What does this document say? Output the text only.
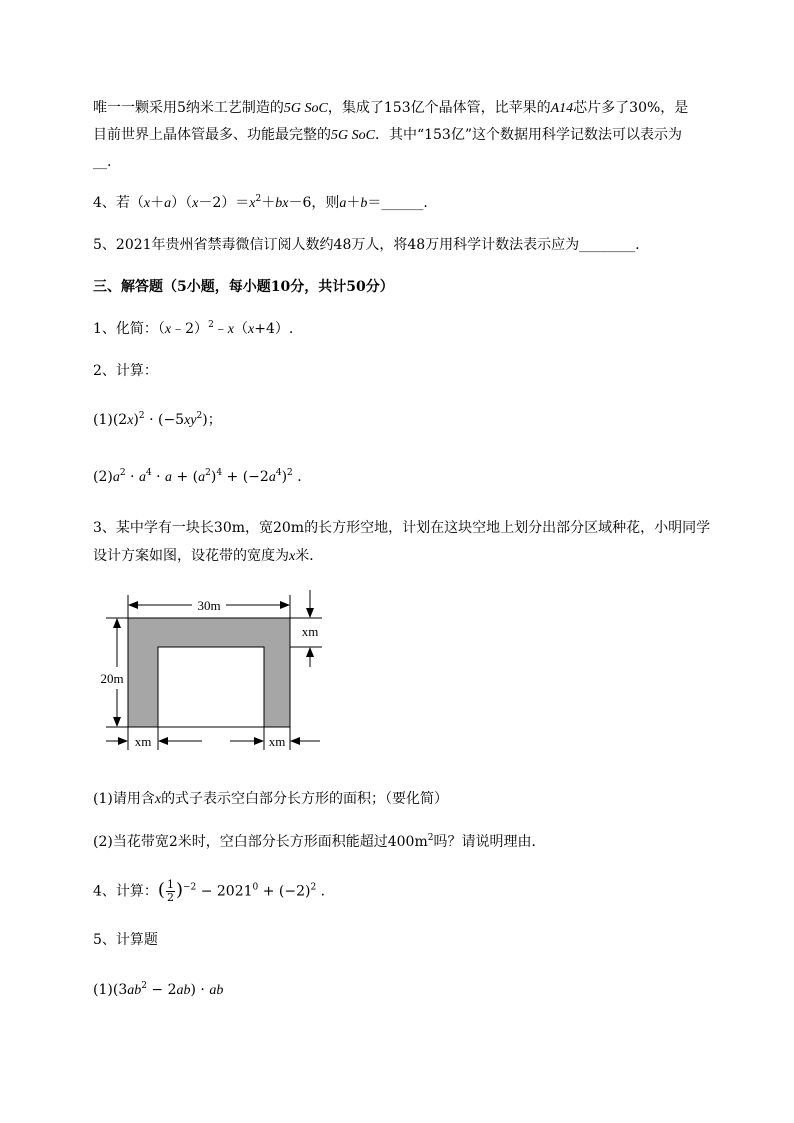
唯一一颗采用5纳米工艺制造的5G SoC，集成了153亿个晶体管，比苹果的A14芯片多了30%，是
目前世界上晶体管最多、功能最完整的5G SoC．其中“153亿”这个数据用科学记数法可以表示为
__.
4、若$(x+a)(x-2)=x^2+bx-6$，则a＋b＝______.
5、2021年贵州省禁毒微信订阅人数约48万人，将48万用科学计数法表示应为________.
三、解答题（5小题，每小题10分，共计50分）
1、化简：（x﹣2）$^2$﹣x（x+4）.
2、计算：
$(1)(2x)^2 \cdot (-5xy^2)$；
$(2)a^2 \cdot a^4 \cdot a + (a^2)^4 + (-2a^4)^2$ .
3、某中学有一块长30m，宽20m的长方形空地，计划在这块空地上划分出部分区域种花，小明同学
设计方案如图，设花带的宽度为x米．
30m
20m
xm
xm	xm
(1)请用含x的式子表示空白部分长方形的面积；（要化简）
(2)当花带宽2米时，空白部分长方形面积能超过$400m^2$吗？请说明理由．
4、计算：( $\frac{1}{2} )^{-2} - 2021^0 + (-2)^2$ .
5、计算题
$(1)(3ab^2 - 2ab)$ · ab
